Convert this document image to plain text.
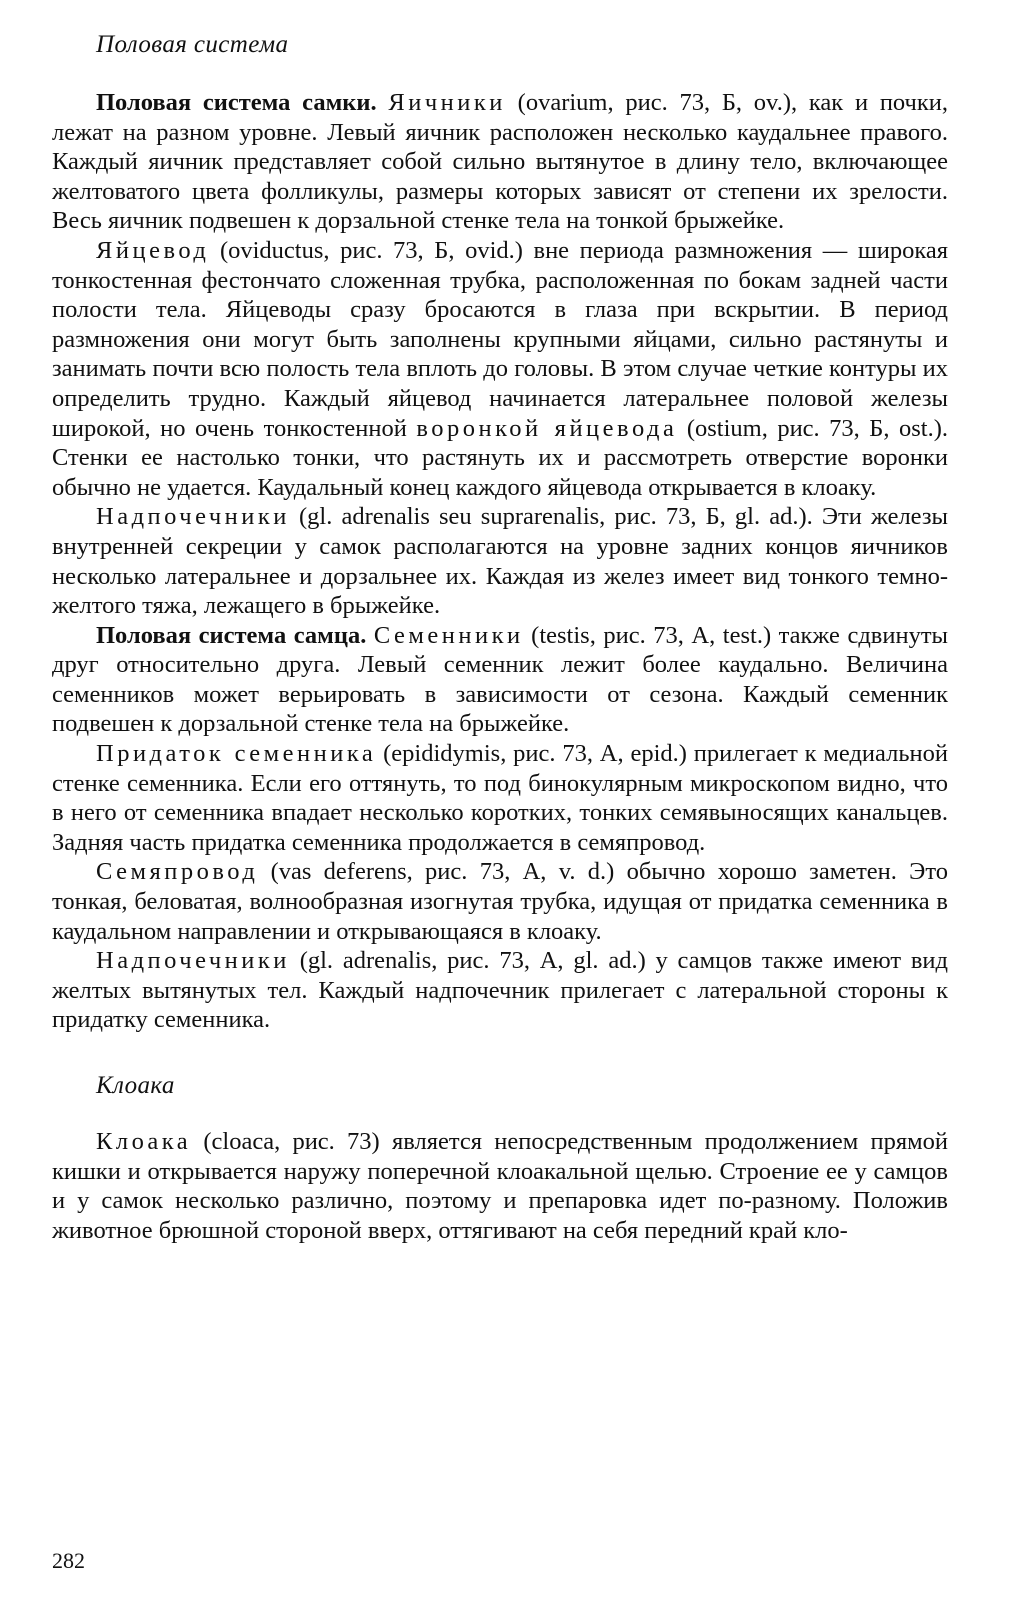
Половая система

Половая система самки. Яичники (ovarium, рис. 73, Б, ov.), как и почки, лежат на разном уровне. Левый яичник расположен несколько каудальнее правого. Каждый яичник представляет собой сильно вытянутое в длину тело, включающее желтоватого цвета фолликулы, размеры которых зависят от степени их зрелости. Весь яичник подвешен к дорзальной стенке тела на тонкой брыжейке.

Яйцевод (oviductus, рис. 73, Б, ovid.) вне периода размножения — широкая тонкостенная фестончато сложенная трубка, расположенная по бокам задней части полости тела. Яйцеводы сразу бросаются в глаза при вскрытии. В период размножения они могут быть заполнены крупными яйцами, сильно растянуты и занимать почти всю полость тела вплоть до головы. В этом случае четкие контуры их определить трудно. Каждый яйцевод начинается латеральнее половой железы широкой, но очень тонкостенной воронкой яйцевода (ostium, рис. 73, Б, ost.). Стенки ее настолько тонки, что растянуть их и рассмотреть отверстие воронки обычно не удается. Каудальный конец каждого яйцевода открывается в клоаку.

Надпочечники (gl. adrenalis seu suprarenalis, рис. 73, Б, gl. ad.). Эти железы внутренней секреции у самок располагаются на уровне задних концов яичников несколько латеральнее и дорзальнее их. Каждая из желез имеет вид тонкого темно-желтого тяжа, лежащего в брыжейке.

Половая система самца. Семенники (testis, рис. 73, А, test.) также сдвинуты друг относительно друга. Левый семенник лежит более каудально. Величина семенников может верьировать в зависимости от сезона. Каждый семенник подвешен к дорзальной стенке тела на брыжейке.

Придаток семенника (epididymis, рис. 73, А, epid.) прилегает к медиальной стенке семенника. Если его оттянуть, то под бинокулярным микроскопом видно, что в него от семенника впадает несколько коротких, тонких семявыносящих канальцев. Задняя часть придатка семенника продолжается в семяпровод.

Семяпровод (vas deferens, рис. 73, А, v. d.) обычно хорошо заметен. Это тонкая, беловатая, волнообразная изогнутая трубка, идущая от придатка семенника в каудальном направлении и открывающаяся в клоаку.

Надпочечники (gl. adrenalis, рис. 73, А, gl. ad.) у самцов также имеют вид желтых вытянутых тел. Каждый надпочечник прилегает с латеральной стороны к придатку семенника.

Клоака

Клоака (cloaca, рис. 73) является непосредственным продолжением прямой кишки и открывается наружу поперечной клоакальной щелью. Строение ее у самцов и у самок несколько различно, поэтому и препаровка идет по-разному. Положив животное брюшной стороной вверх, оттягивают на себя передний край кло-

282
